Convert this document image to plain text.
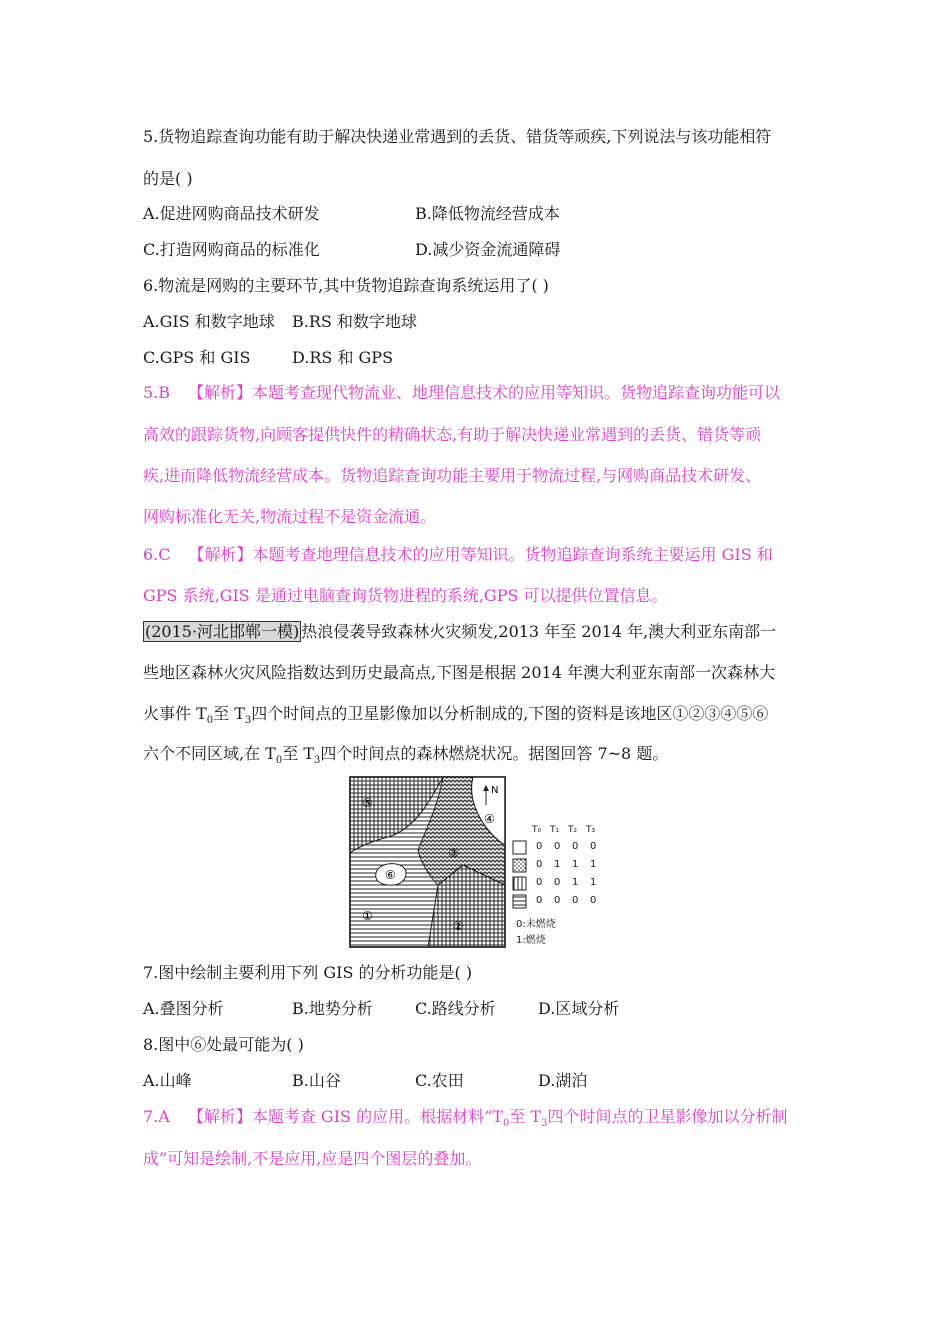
5.货物追踪查询功能有助于解决快递业常遇到的丢货、错货等顽疾,下列说法与该功能相符
的是( )
A.促进网购商品技术研发	B.降低物流经营成本
C.打造网购商品的标准化	D.减少资金流通障碍
6.物流是网购的主要环节,其中货物追踪查询系统运用了( )
A.GIS 和数字地球 B.RS 和数字地球
C.GPS 和 GIS	D.RS 和 GPS
5.B 【解析】本题考查现代物流业、地理信息技术的应用等知识。货物追踪查询功能可以
高效的跟踪货物,向顾客提供快件的精确状态,有助于解决快递业常遇到的丢货、错货等顽
疾,进而降低物流经营成本。货物追踪查询功能主要用于物流过程,与网购商品技术研发、
网购标准化无关,物流过程不是资金流通。
6.C 【解析】本题考查地理信息技术的应用等知识。货物追踪查询系统主要运用 GIS 和
GPS 系统,GIS 是通过电脑查询货物进程的系统,GPS 可以提供位置信息。
(2015·河北邯郸一模) 热浪侵袭导致森林火灾频发,2013 年至 2014 年,澳大利亚东南部一
些地区森林火灾风险指数达到历史最高点,下图是根据 2014 年澳大利亚东南部一次森林大
火事件 $T_0$至 $T_3$四个时间点的卫星影像加以分析制成的,下图的资料是该地区①②③④⑤⑥
六个不同区域,在 $T_0$至 $T_3$四个时间点的森林燃烧状况。据图回答 7~8 题。
N
⑤
④
③
⑥
①
②
T₀ T₁ T₂ T₃
0 0 0 0
0 1 1 1
0 0 1 1
0 0 0 0
0:未燃烧
1:燃烧
7.图中绘制主要利用下列 GIS 的分析功能是( )
A.叠图分析	B.地势分析	C.路线分析	D.区域分析
8.图中⑥处最可能为( )
A.山峰	B.山谷	C.农田	D.湖泊
7.A 【解析】本题考查 GIS 的应用。根据材料“$T_0$至 $T_3$四个时间点的卫星影像加以分析制
成”可知是绘制,不是应用,应是四个图层的叠加。
